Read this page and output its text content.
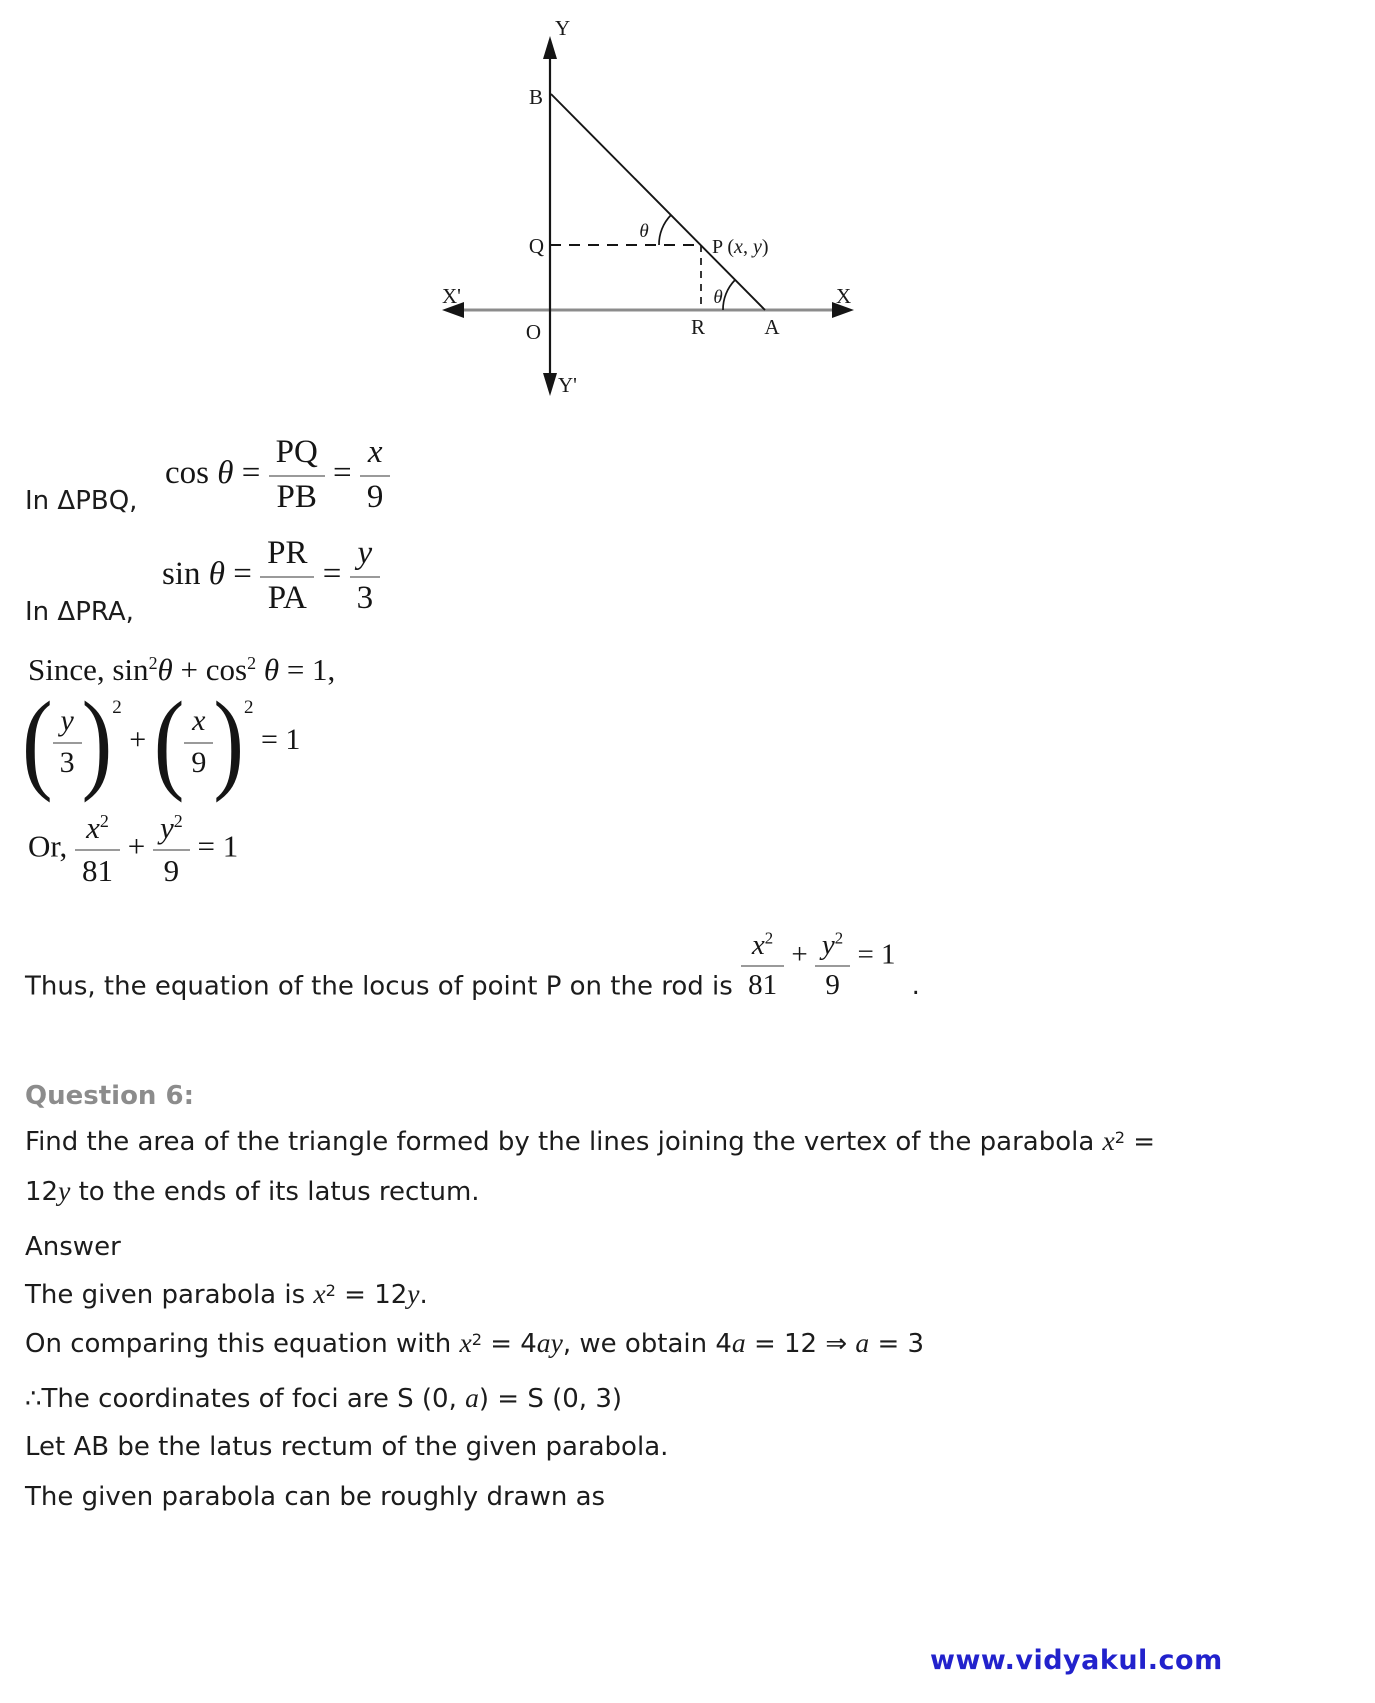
Y
Y'
X'	X
B
Q
O	R	A
θ
θ
P (x, y)
$\cos \theta = \frac{PQ}{PB} = \frac{x}{9}$
In ΔPBQ,
$\sin \theta = \frac{PR}{PA} = \frac{y}{3}$
In ΔPRA,
Since, $\sin^2\theta + \cos^2 \theta = 1$,
( $\frac{y}{3} )^2$ + ( $\frac{x}{9} )^2 = 1$
Or, $\frac{x^2}{81} + \frac{y^2}{9} = 1$
Thus, the equation of the locus of point P on the rod is $\frac{x^2}{81} + \frac{y^2}{9} = 1$.
Question 6:
Find the area of the triangle formed by the lines joining the vertex of the parabola $x^2$ =
12y to the ends of its latus rectum.
Answer
The given parabola is $x^2 = 12y$.
On comparing this equation with $x^2 = 4ay$, we obtain 4a = 12 ⇒ a = 3
∴The coordinates of foci are S (0, a) = S (0, 3)
Let AB be the latus rectum of the given parabola.
The given parabola can be roughly drawn as
www.vidyakul.com
